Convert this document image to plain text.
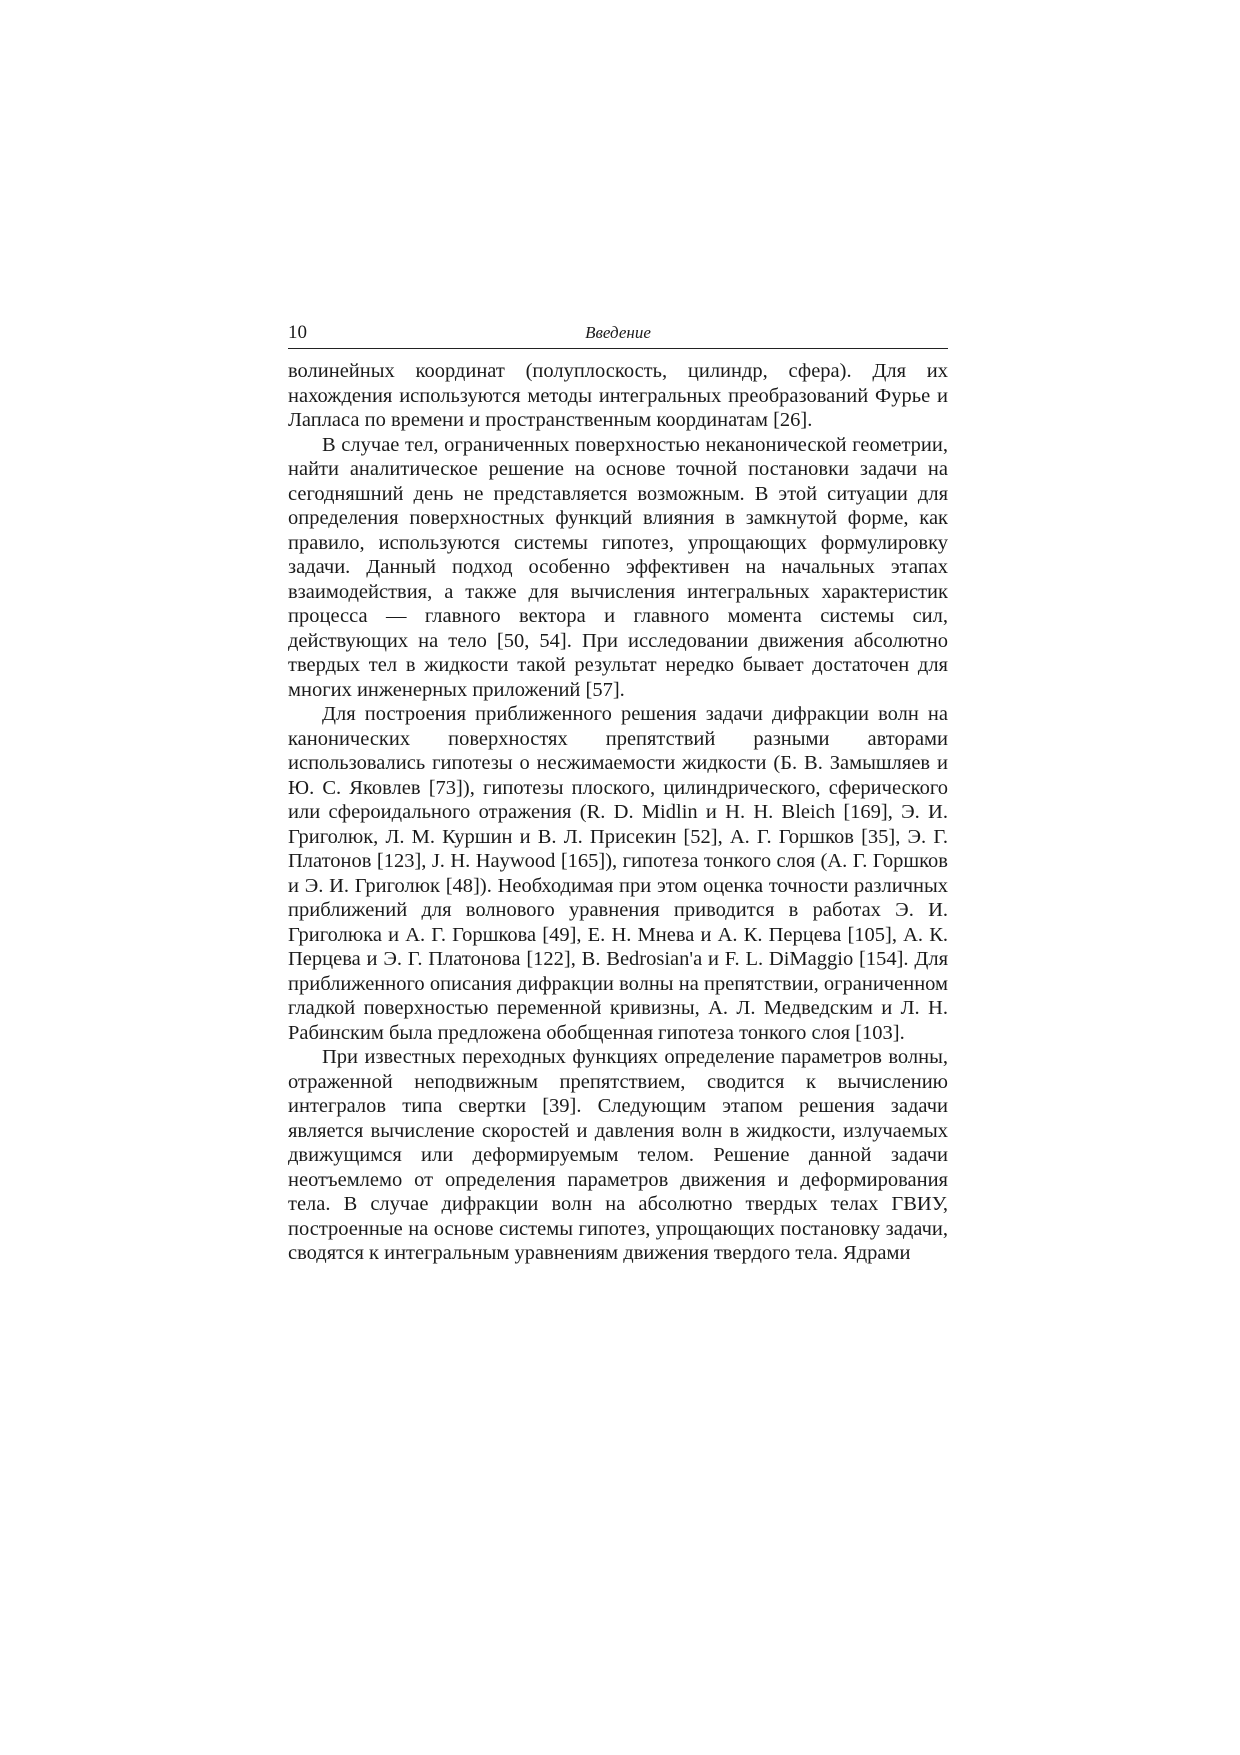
10	Введение

волинейных координат (полуплоскость, цилиндр, сфера). Для их нахождения используются методы интегральных преобразований Фурье и Лапласа по времени и пространственным координатам [26].

В случае тел, ограниченных поверхностью неканонической геометрии, найти аналитическое решение на основе точной постановки задачи на сегодняшний день не представляется возможным. В этой ситуации для определения поверхностных функций влияния в замкнутой форме, как правило, используются системы гипотез, упрощающих формулировку задачи. Данный подход особенно эффективен на начальных этапах взаимодействия, а также для вычисления интегральных характеристик процесса — главного вектора и главного момента системы сил, действующих на тело [50, 54]. При исследовании движения абсолютно твердых тел в жидкости такой результат нередко бывает достаточен для многих инженерных приложений [57].

Для построения приближенного решения задачи дифракции волн на канонических поверхностях препятствий разными авторами использовались гипотезы о несжимаемости жидкости (Б. В. Замышляев и Ю. С. Яковлев [73]), гипотезы плоского, цилиндрического, сферического или сфероидального отражения (R. D. Midlin и H. H. Bleich [169], Э. И. Григолюк, Л. М. Куршин и В. Л. Присекин [52], А. Г. Горшков [35], Э. Г. Платонов [123], J. H. Haywood [165]), гипотеза тонкого слоя (А. Г. Горшков и Э. И. Григолюк [48]). Необходимая при этом оценка точности различных приближений для волнового уравнения приводится в работах Э. И. Григолюка и А. Г. Горшкова [49], Е. Н. Мнева и А. К. Перцева [105], А. К. Перцева и Э. Г. Платонова [122], B. Bedrosian'a и F. L. DiMaggio [154]. Для приближенного описания дифракции волны на препятствии, ограниченном гладкой поверхностью переменной кривизны, А. Л. Медведским и Л. Н. Рабинским была предложена обобщенная гипотеза тонкого слоя [103].

При известных переходных функциях определение параметров волны, отраженной неподвижным препятствием, сводится к вычислению интегралов типа свертки [39]. Следующим этапом решения задачи является вычисление скоростей и давления волн в жидкости, излучаемых движущимся или деформируемым телом. Решение данной задачи неотъемлемо от определения параметров движения и деформирования тела. В случае дифракции волн на абсолютно твердых телах ГВИУ, построенные на основе системы гипотез, упрощающих постановку задачи, сводятся к интегральным уравнениям движения твердого тела. Ядрами
